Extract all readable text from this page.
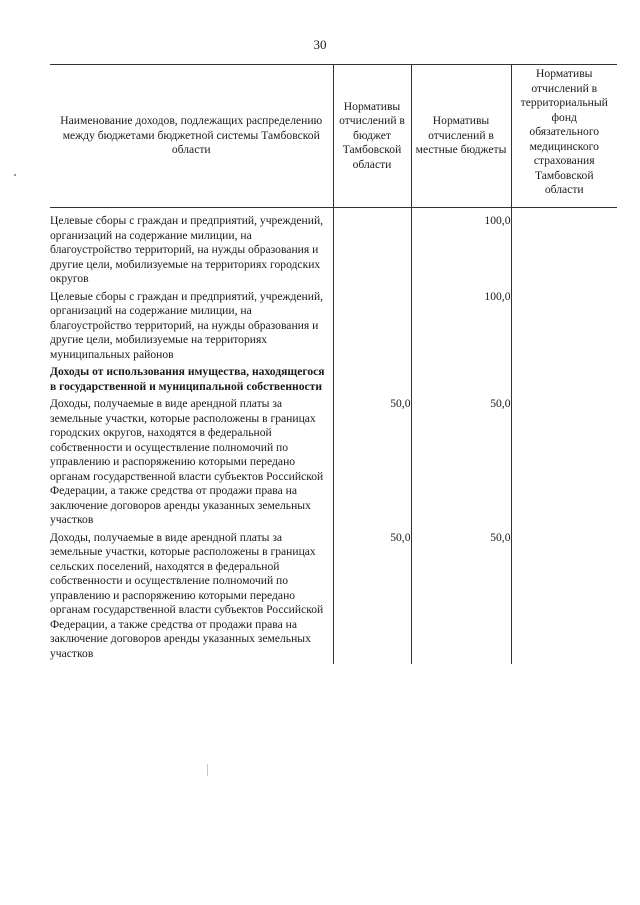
30
Наименование доходов, подлежащих распределению между бюджетами бюджетной системы Тамбовской области	Нормативы отчислений в бюджет Тамбовской области	Нормативы отчислений в местные бюджеты	Нормативы отчислений в территориальный фонд обязательного медицинского страхования Тамбовской области
Целевые сборы с граждан и предприятий, учреждений, организаций на содержание милиции, на благоустройство территорий, на нужды образования и другие цели, мобилизуемые на территориях городских округов		100,0	
Целевые сборы с граждан и предприятий, учреждений, организаций на содержание милиции, на благоустройство территорий, на нужды образования и другие цели, мобилизуемые на территориях муниципальных районов		100,0	
Доходы от использования имущества, находящегося в государственной и муниципальной собственности			
Доходы, получаемые в виде арендной платы за земельные участки, которые расположены в границах городских округов, находятся в федеральной собственности и осуществление полномочий по управлению и распоряжению которыми передано органам государственной власти субъектов Российской Федерации, а также средства от продажи права на заключение договоров аренды указанных земельных участков	50,0	50,0	
Доходы, получаемые в виде арендной платы за земельные участки, которые расположены в границах сельских поселений, находятся в федеральной собственности и осуществление полномочий по управлению и распоряжению которыми передано органам государственной власти субъектов Российской Федерации, а также средства от продажи права на заключение договоров аренды указанных земельных участков	50,0	50,0	
